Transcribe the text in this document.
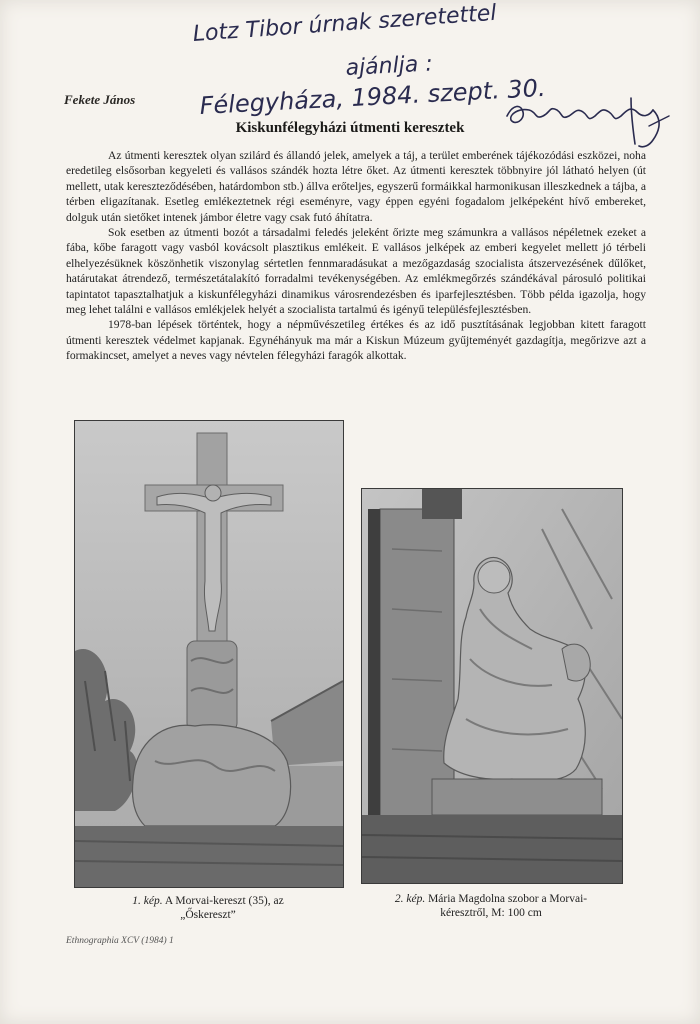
Lotz Tibor úrnak szeretettel
ajánlja :
Félegyháza, 1984. szept. 30.
Fekete János
Kiskunfélegyházi útmenti keresztek

Az útmenti keresztek olyan szilárd és állandó jelek, amelyek a táj, a terület emberének tájékozódási eszközei, noha eredetileg elsősorban kegyeleti és vallásos szándék hozta létre őket. Az útmenti keresztek többnyire jól látható helyen (út mellett, utak kereszteződésében, határdombon stb.) állva erőteljes, egyszerű formáikkal harmonikusan illeszkednek a tájba, a térben eligazítanak. Esetleg emlékeztetnek régi eseményre, vagy éppen egyéni fogadalom jelképeként hívő embereket, dolguk után sietőket intenek jámbor életre vagy csak futó áhítatra.

Sok esetben az útmenti bozót a társadalmi feledés jeleként őrizte meg számunkra a vallásos népéletnek ezeket a fába, kőbe faragott vagy vasból kovácsolt plasztikus emlékeit. E vallásos jelképek az emberi kegyelet mellett jó térbeli elhelyezésüknek köszönhetik viszonylag sértetlen fennmaradásukat a mezőgazdaság szocialista átszervezésének dűlőket, határutakat átrendező, természetátalakító forradalmi tevékenységében. Az emlékmegőrzés szándékával párosuló politikai tapintatot tapasztalhatjuk a kiskunfélegyházi dinamikus városrendezésben és iparfejlesztésben. Több példa igazolja, hogy meg lehet találni e vallásos emlékjelek helyét a szocialista tartalmú és igényű településfejlesztésben.

1978-ban lépések történtek, hogy a népművészetileg értékes és az idő pusztításának legjobban kitett faragott útmenti keresztek védelmet kapjanak. Egynéhányuk ma már a Kiskun Múzeum gyűjteményét gazdagítja, megőrizve azt a formakincset, amelyet a neves vagy névtelen félegyházi faragók alkottak.

1. kép. A Morvai-kereszt (35), az
„Őskereszt”
2. kép. Mária Magdolna szobor a Morvai-
kéresztről, M: 100 cm
Ethnographia XCV (1984) 1
